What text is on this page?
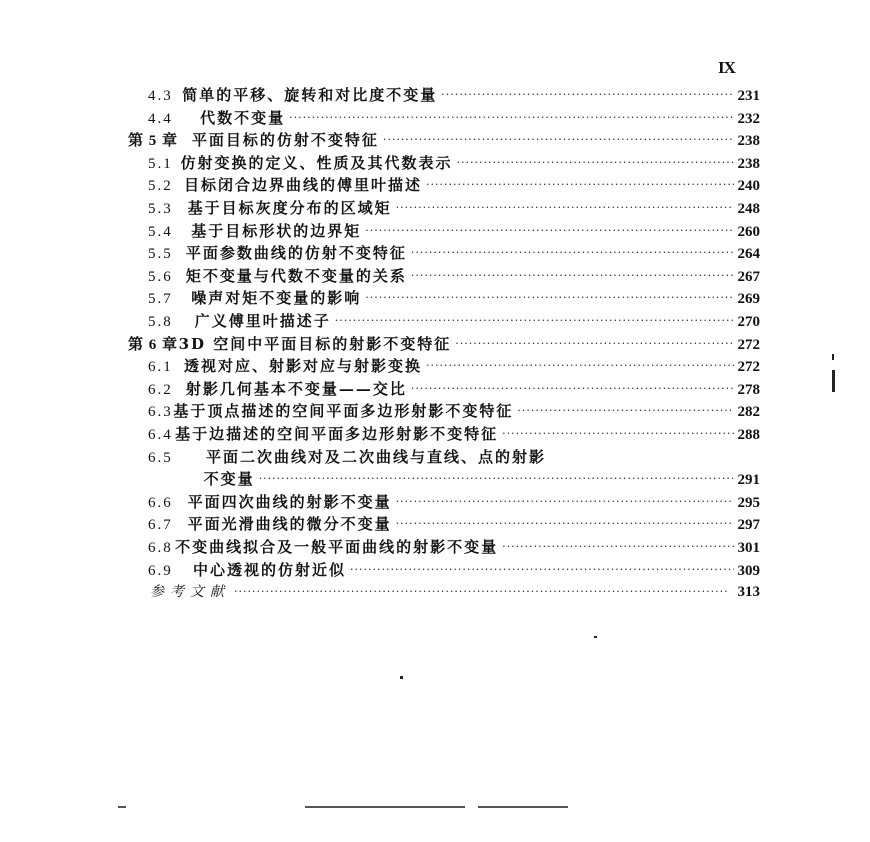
IX
4.3 简单的平移、旋转和对比度不变量 ·····	231
4.4	代数不变量 ·····	232
第 5 章 平面目标的仿射不变特征 ·····	238
5.1 仿射变换的定义、性质及其代数表示 ·····	238
5.2 目标闭合边界曲线的傅里叶描述 ·····	240
5.3 基于目标灰度分布的区域矩 ·····	248
5.4	基于目标形状的边界矩 ·····	260
5.5 平面参数曲线的仿射不变特征 ·····	264
5.6 矩不变量与代数不变量的关系 ·····	267
5.7	噪声对矩不变量的影响 ·····	269
5.8	广义傅里叶描述子 ·····	270
第 6 章 3D 空间中平面目标的射影不变特征 ·····	272
6.1 透视对应、射影对应与射影变换 ·····	272
6.2 射影几何基本不变量——交比 ·····	278
6.3 基于顶点描述的空间平面多边形射影不变特征 ·····	282
6.4 基于边描述的空间平面多边形射影不变特征 ·····	288
6.5	平面二次曲线对及二次曲线与直线、点的射影
不变量 ·····	291
6.6 平面四次曲线的射影不变量 ·····	295
6.7 平面光滑曲线的微分不变量 ·····	297
6.8 不变曲线拟合及一般平面曲线的射影不变量 ·····	301
6.9	中心透视的仿射近似 ·····	309
参考文献 ·····	313
